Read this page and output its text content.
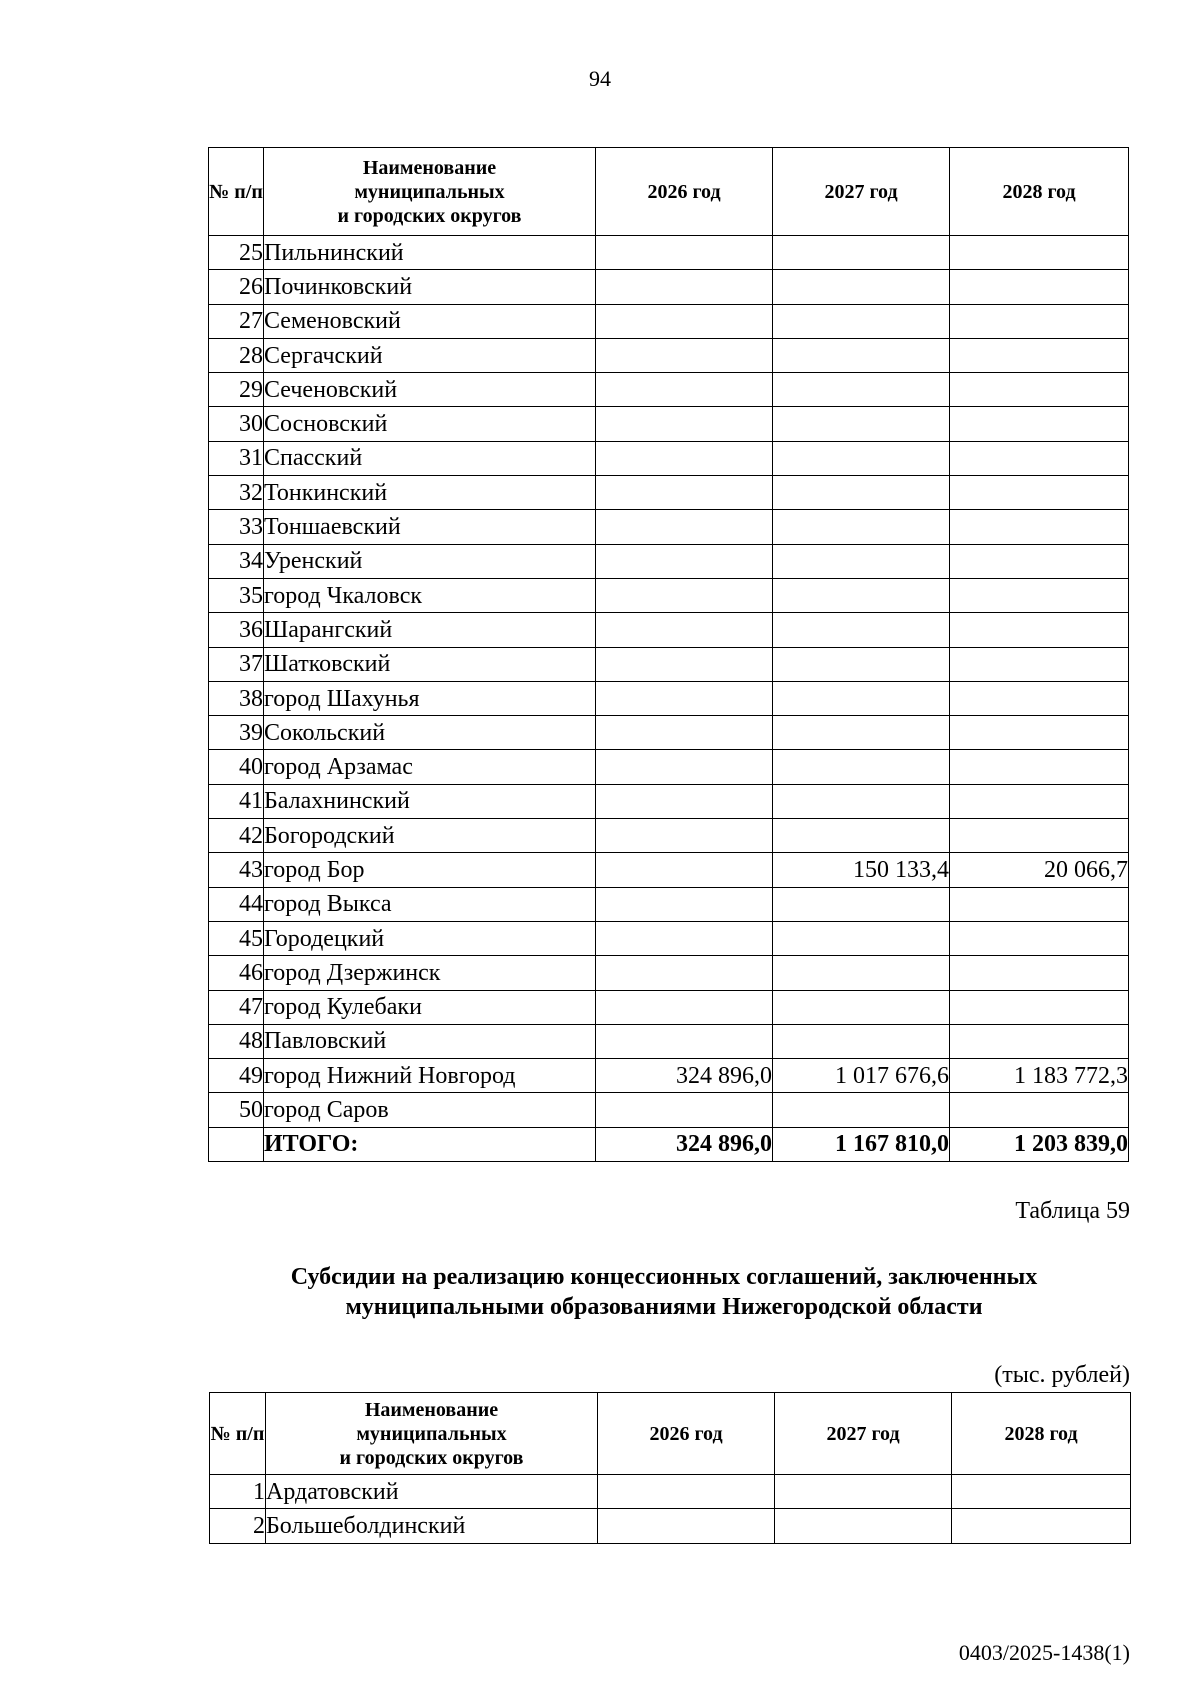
94
№ п/п	Наименование
муниципальных
и городских округов	2026 год	2027 год	2028 год
25	Пильнинский			
26	Починковский			
27	Семеновский			
28	Сергачский			
29	Сеченовский			
30	Сосновский			
31	Спасский			
32	Тонкинский			
33	Тоншаевский			
34	Уренский			
35	город Чкаловск			
36	Шарангский			
37	Шатковский			
38	город Шахунья			
39	Сокольский			
40	город Арзамас			
41	Балахнинский			
42	Богородский			
43	город Бор		150 133,4	20 066,7
44	город Выкса			
45	Городецкий			
46	город Дзержинск			
47	город Кулебаки			
48	Павловский			
49	город Нижний Новгород	324 896,0	1 017 676,6	1 183 772,3
50	город Саров			
	ИТОГО:	324 896,0	1 167 810,0	1 203 839,0
Таблица 59
Субсидии на реализацию концессионных соглашений, заключенных
муниципальными образованиями Нижегородской области
(тыс. рублей)
№ п/п	Наименование
муниципальных
и городских округов	2026 год	2027 год	2028 год
1	Ардатовский			
2	Большеболдинский			
0403/2025-1438(1)
